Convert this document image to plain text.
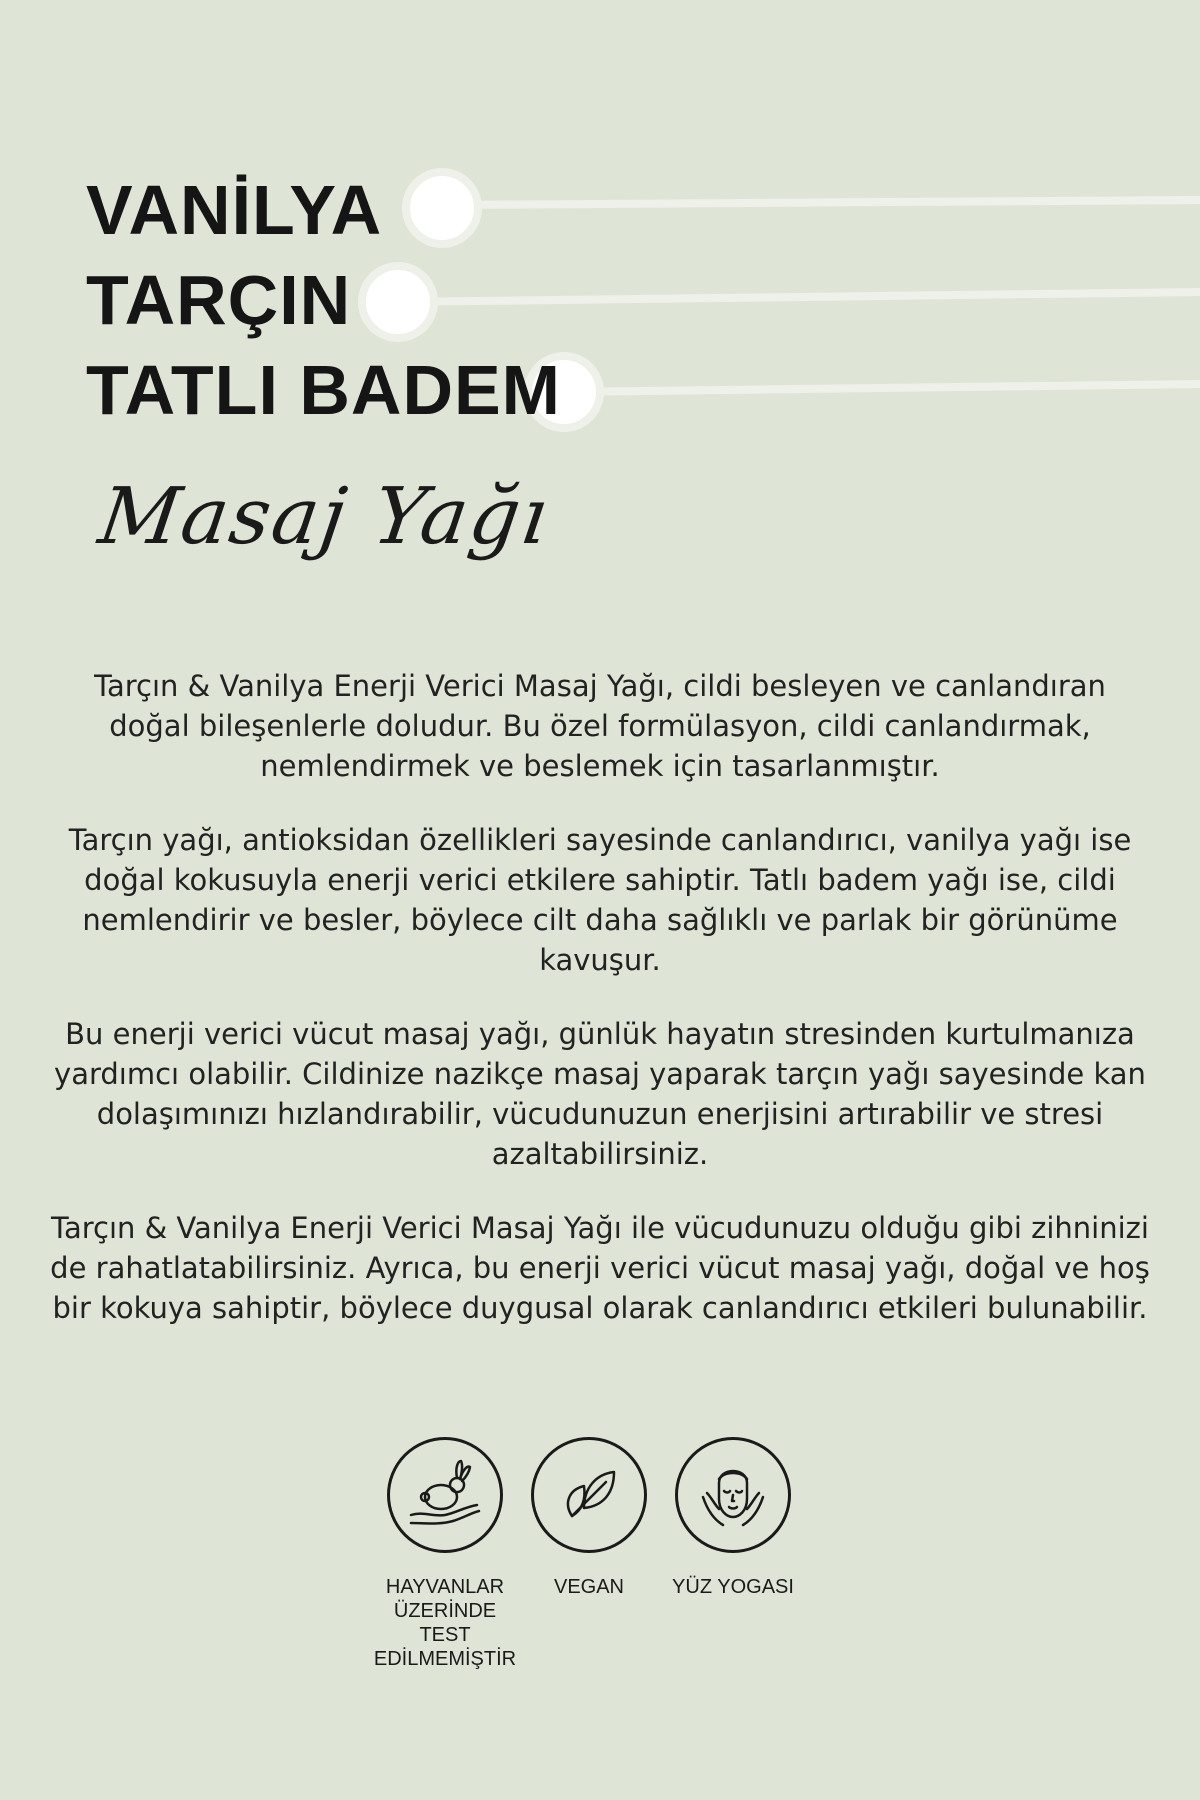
VANİLYA
TARÇIN
TATLI BADEM
Masaj Yağı

Tarçın & Vanilya Enerji Verici Masaj Yağı, cildi besleyen ve canlandıran doğal bileşenlerle doludur. Bu özel formülasyon, cildi canlandırmak, nemlendirmek ve beslemek için tasarlanmıştır.

Tarçın yağı, antioksidan özellikleri sayesinde canlandırıcı, vanilya yağı ise doğal kokusuyla enerji verici etkilere sahiptir. Tatlı badem yağı ise, cildi nemlendirir ve besler, böylece cilt daha sağlıklı ve parlak bir görünüme kavuşur.

Bu enerji verici vücut masaj yağı, günlük hayatın stresinden kurtulmanıza yardımcı olabilir. Cildinize nazikçe masaj yaparak tarçın yağı sayesinde kan dolaşımınızı hızlandırabilir, vücudunuzun enerjisini artırabilir ve stresi azaltabilirsiniz.

Tarçın & Vanilya Enerji Verici Masaj Yağı ile vücudunuzu olduğu gibi zihninizi de rahatlatabilirsiniz. Ayrıca, bu enerji verici vücut masaj yağı, doğal ve hoş bir kokuya sahiptir, böylece duygusal olarak canlandırıcı etkileri bulunabilir.

HAYVANLAR ÜZERİNDE TEST EDİLMEMİŞTİR
VEGAN	YÜZ YOGASI
